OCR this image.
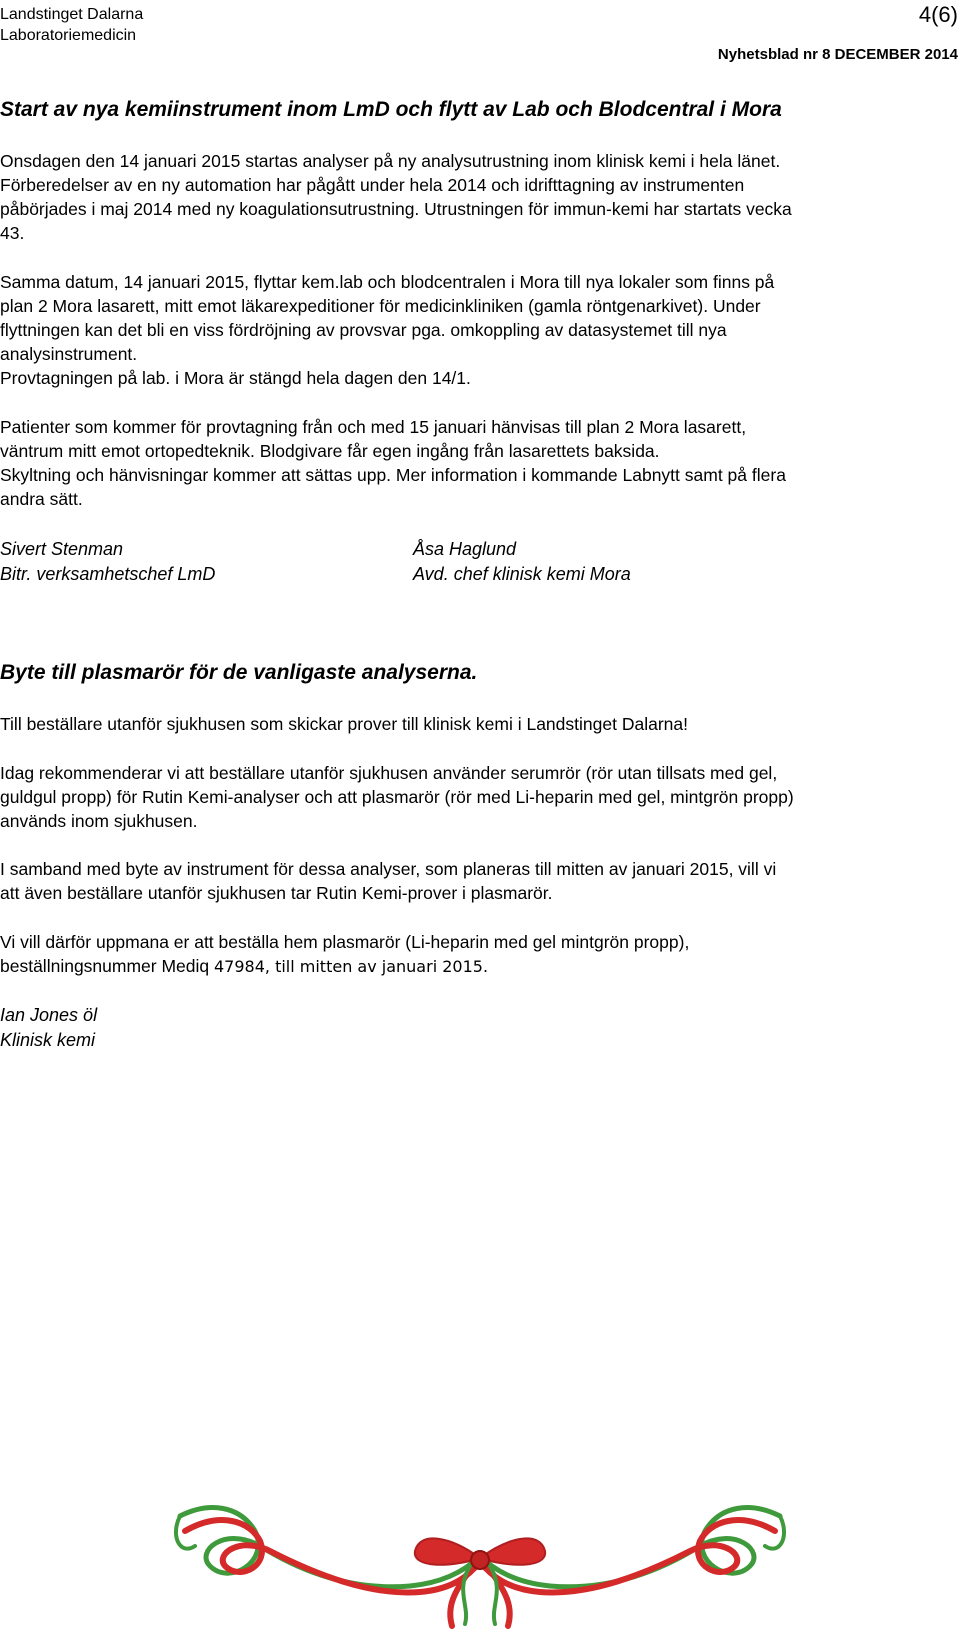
Landstinget Dalarna
Laboratoriemedicin
4(6)
Nyhetsblad nr 8 DECEMBER 2014
Start av nya kemiinstrument inom LmD och flytt av Lab och Blodcentral i Mora
Onsdagen den 14 januari 2015 startas analyser på ny analysutrustning inom klinisk kemi i hela länet.
Förberedelser av en ny automation har pågått under hela 2014 och idrifttagning av instrumenten
påbörjades i maj 2014 med ny koagulationsutrustning. Utrustningen för immun-kemi har startats vecka
43.
Samma datum, 14 januari 2015, flyttar kem.lab och blodcentralen i Mora till nya lokaler som finns på
plan 2 Mora lasarett, mitt emot läkarexpeditioner för medicinkliniken (gamla röntgenarkivet). Under
flyttningen kan det bli en viss fördröjning av provsvar pga. omkoppling av datasystemet till nya
analysinstrument.
Provtagningen på lab. i Mora är stängd hela dagen den 14/1.
Patienter som kommer för provtagning från och med 15 januari hänvisas till plan 2 Mora lasarett,
väntrum mitt emot ortopedteknik. Blodgivare får egen ingång från lasarettets baksida.
Skyltning och hänvisningar kommer att sättas upp. Mer information i kommande Labnytt samt på flera
andra sätt.
Sivert Stenman
Bitr. verksamhetschef LmD
Åsa Haglund
Avd. chef klinisk kemi Mora
Byte till plasmarör för de vanligaste analyserna.
Till beställare utanför sjukhusen som skickar prover till klinisk kemi i Landstinget Dalarna!
Idag rekommenderar vi att beställare utanför sjukhusen använder serumrör (rör utan tillsats med gel,
guldgul propp) för Rutin Kemi-analyser och att plasmarör (rör med Li-heparin med gel, mintgrön propp)
används inom sjukhusen.
I samband med byte av instrument för dessa analyser, som planeras till mitten av januari 2015, vill vi
att även beställare utanför sjukhusen tar Rutin Kemi-prover i plasmarör.
Vi vill därför uppmana er att beställa hem plasmarör (Li-heparin med gel mintgrön propp),
beställningsnummer Mediq 47984, till mitten av januari 2015.
Ian Jones öl
Klinisk kemi
